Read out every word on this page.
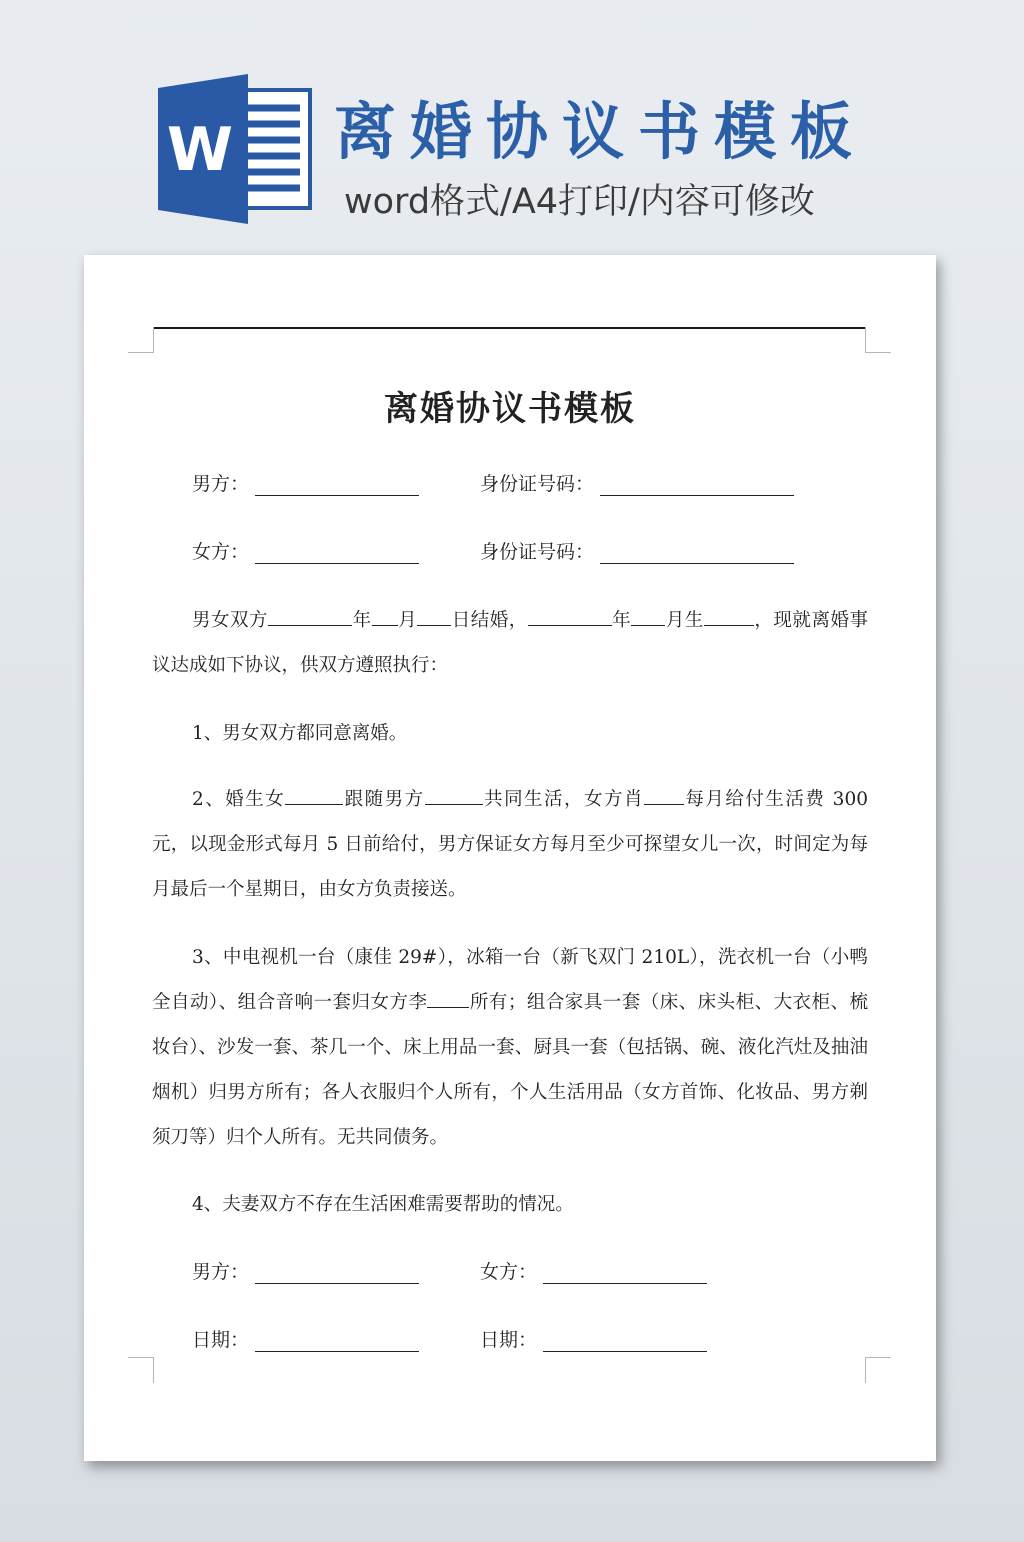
W 离婚协议书模板
word格式/A4打印/内容可修改
离婚协议书模板
男方：	身份证号码：
女方：	身份证号码：
男女双方	年 月 日结婚，	年 月生	，现就离婚事议达成如下协议，供双方遵照执行：
1、男女双方都同意离婚。
2、婚生女	跟随男方	共同生活，女方肖 每月给付生活费 300 元，以现金形式每月 5 日前给付，男方保证女方每月至少可探望女儿一次，时间定为每月最后一个星期日，由女方负责接送。
3、中电视机一台（康佳 29#），冰箱一台（新飞双门 210L），洗衣机一台（小鸭全自动）、组合音响一套归女方李 所有；组合家具一套（床、床头柜、大衣柜、梳妆台）、沙发一套、茶几一个、床上用品一套、厨具一套（包括锅、碗、液化汽灶及抽油烟机）归男方所有；各人衣服归个人所有，个人生活用品（女方首饰、化妆品、男方剃须刀等）归个人所有。无共同债务。
4、夫妻双方不存在生活困难需要帮助的情况。
男方：	女方：
日期：	日期：
